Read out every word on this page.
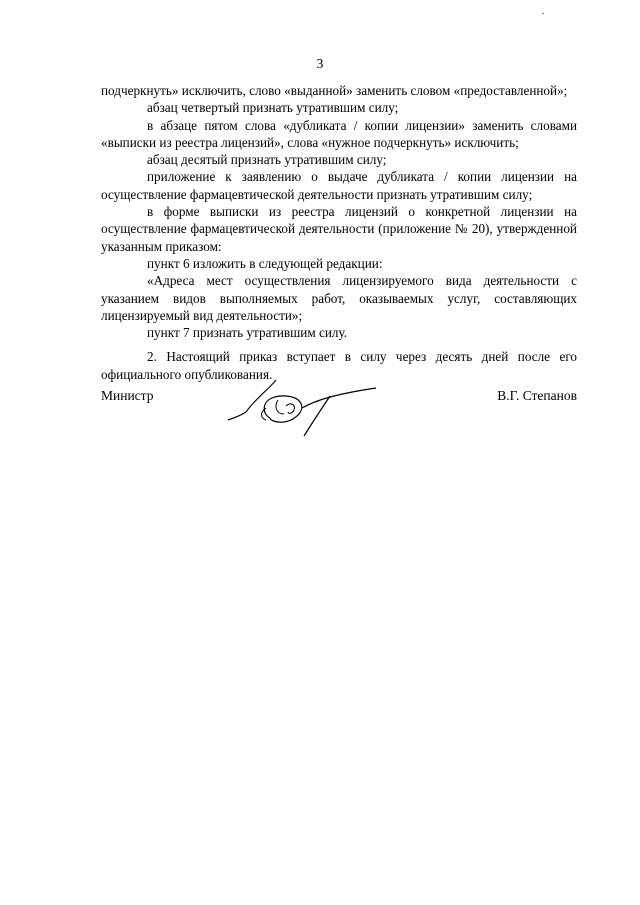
3

подчеркнуть» исключить, слово «выданной» заменить словом «предоставленной»;

абзац четвертый признать утратившим силу;

в абзаце пятом слова «дубликата / копии лицензии» заменить словами «выписки из реестра лицензий», слова «нужное подчеркнуть» исключить;

абзац десятый признать утратившим силу;

приложение к заявлению о выдаче дубликата / копии лицензии на осуществление фармацевтической деятельности признать утратившим силу;

в форме выписки из реестра лицензий о конкретной лицензии на осуществление фармацевтической деятельности (приложение № 20), утвержденной указанным приказом:

пункт 6 изложить в следующей редакции:

«Адреса мест осуществления лицензируемого вида деятельности с указанием видов выполняемых работ, оказываемых услуг, составляющих лицензируемый вид деятельности»;

пункт 7 признать утратившим силу.

2. Настоящий приказ вступает в силу через десять дней после его официального опубликования.

Министр	В.Г. Степанов
